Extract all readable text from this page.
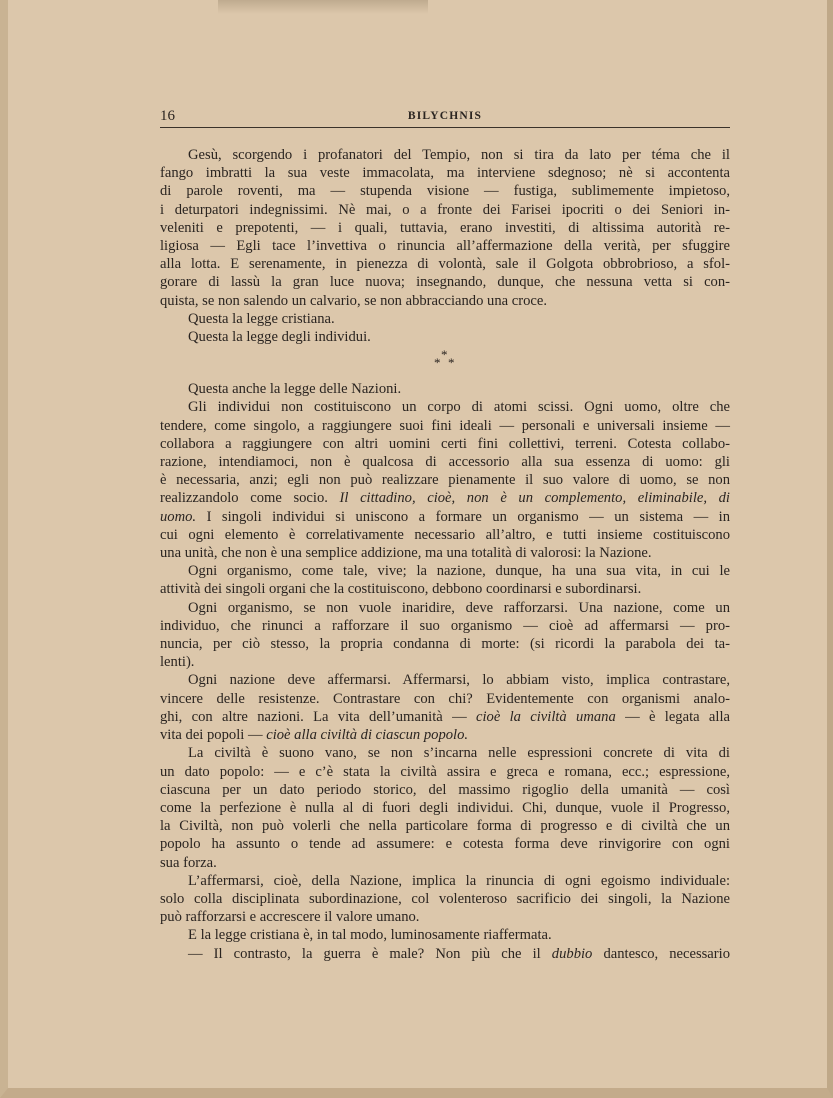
16	BILYCHNIS
Gesù, scorgendo i profanatori del Tempio, non si tira da lato per téma che il
fango imbratti la sua veste immacolata, ma interviene sdegnoso; nè si accontenta
di parole roventi, ma — stupenda visione — fustiga, sublimemente impietoso,
i deturpatori indegnissimi. Nè mai, o a fronte dei Farisei ipocriti o dei Seniori in-
veleniti e prepotenti, — i quali, tuttavia, erano investiti, di altissima autorità re-
ligiosa — Egli tace l’invettiva o rinuncia all’affermazione della verità, per sfuggire
alla lotta. E serenamente, in pienezza di volontà, sale il Golgota obbrobrioso, a sfol-
gorare di lassù la gran luce nuova; insegnando, dunque, che nessuna vetta si con-
quista, se non salendo un calvario, se non abbracciando una croce.
Questa la legge cristiana.
Questa la legge degli individui.
*
* *
Questa anche la legge delle Nazioni.
Gli individui non costituiscono un corpo di atomi scissi. Ogni uomo, oltre che
tendere, come singolo, a raggiungere suoi fini ideali — personali e universali insieme —
collabora a raggiungere con altri uomini certi fini collettivi, terreni. Cotesta collabo-
razione, intendiamoci, non è qualcosa di accessorio alla sua essenza di uomo: gli
è necessaria, anzi; egli non può realizzare pienamente il suo valore di uomo, se non
realizzandolo come socio. Il cittadino, cioè, non è un complemento, eliminabile, di
uomo. I singoli individui si uniscono a formare un organismo — un sistema — in
cui ogni elemento è correlativamente necessario all’altro, e tutti insieme costituiscono
una unità, che non è una semplice addizione, ma una totalità di valorosi: la Nazione.
Ogni organismo, come tale, vive; la nazione, dunque, ha una sua vita, in cui le
attività dei singoli organi che la costituiscono, debbono coordinarsi e subordinarsi.
Ogni organismo, se non vuole inaridire, deve rafforzarsi. Una nazione, come un
individuo, che rinunci a rafforzare il suo organismo — cioè ad affermarsi — pro-
nuncia, per ciò stesso, la propria condanna di morte: (si ricordi la parabola dei ta-
lenti).
Ogni nazione deve affermarsi. Affermarsi, lo abbiam visto, implica contrastare,
vincere delle resistenze. Contrastare con chi? Evidentemente con organismi analo-
ghi, con altre nazioni. La vita dell’umanità — cioè la civiltà umana — è legata alla
vita dei popoli — cioè alla civiltà di ciascun popolo.
La civiltà è suono vano, se non s’incarna nelle espressioni concrete di vita di
un dato popolo: — e c’è stata la civiltà assira e greca e romana, ecc.; espressione,
ciascuna per un dato periodo storico, del massimo rigoglio della umanità — così
come la perfezione è nulla al di fuori degli individui. Chi, dunque, vuole il Progresso,
la Civiltà, non può volerli che nella particolare forma di progresso e di civiltà che un
popolo ha assunto o tende ad assumere: e cotesta forma deve rinvigorire con ogni
sua forza.
L’affermarsi, cioè, della Nazione, implica la rinuncia di ogni egoismo individuale:
solo colla disciplinata subordinazione, col volenteroso sacrificio dei singoli, la Nazione
può rafforzarsi e accrescere il valore umano.
E la legge cristiana è, in tal modo, luminosamente riaffermata.
— Il contrasto, la guerra è male? Non più che il dubbio dantesco, necessario
